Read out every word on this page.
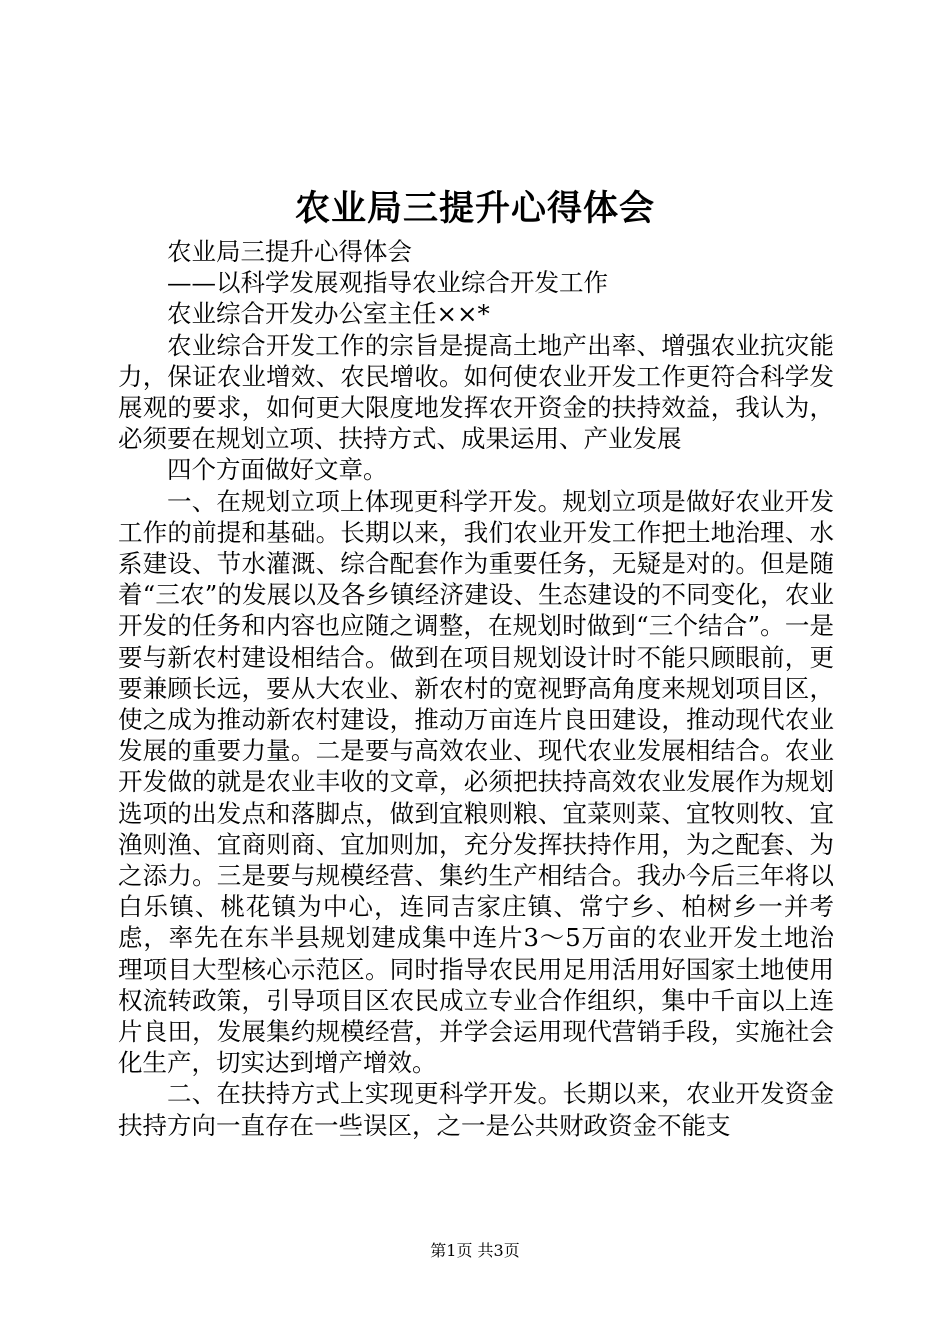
农业局三提升心得体会

农业局三提升心得体会

——以科学发展观指导农业综合开发工作

农业综合开发办公室主任××*

农业综合开发工作的宗旨是提高土地产出率、增强农业抗灾能力，保证农业增效、农民增收。如何使农业开发工作更符合科学发展观的要求，如何更大限度地发挥农开资金的扶持效益，我认为，必须要在规划立项、扶持方式、成果运用、产业发展

四个方面做好文章。

一、在规划立项上体现更科学开发。规划立项是做好农业开发工作的前提和基础。长期以来，我们农业开发工作把土地治理、水系建设、节水灌溉、综合配套作为重要任务，无疑是对的。但是随着“三农”的发展以及各乡镇经济建设、生态建设的不同变化，农业开发的任务和内容也应随之调整，在规划时做到“三个结合”。一是要与新农村建设相结合。做到在项目规划设计时不能只顾眼前，更要兼顾长远，要从大农业、新农村的宽视野高角度来规划项目区，使之成为推动新农村建设，推动万亩连片良田建设，推动现代农业发展的重要力量。二是要与高效农业、现代农业发展相结合。农业开发做的就是农业丰收的文章，必须把扶持高效农业发展作为规划选项的出发点和落脚点，做到宜粮则粮、宜菜则菜、宜牧则牧、宜渔则渔、宜商则商、宜加则加，充分发挥扶持作用，为之配套、为之添力。三是要与规模经营、集约生产相结合。我办今后三年将以白乐镇、桃花镇为中心，连同吉家庄镇、常宁乡、柏树乡一并考虑，率先在东半县规划建成集中连片3～5万亩的农业开发土地治理项目大型核心示范区。同时指导农民用足用活用好国家土地使用权流转政策，引导项目区农民成立专业合作组织，集中千亩以上连片良田，发展集约规模经营，并学会运用现代营销手段，实施社会化生产，切实达到增产增效。

二、在扶持方式上实现更科学开发。长期以来，农业开发资金扶持方向一直存在一些误区，之一是公共财政资金不能支

第1页 共3页
